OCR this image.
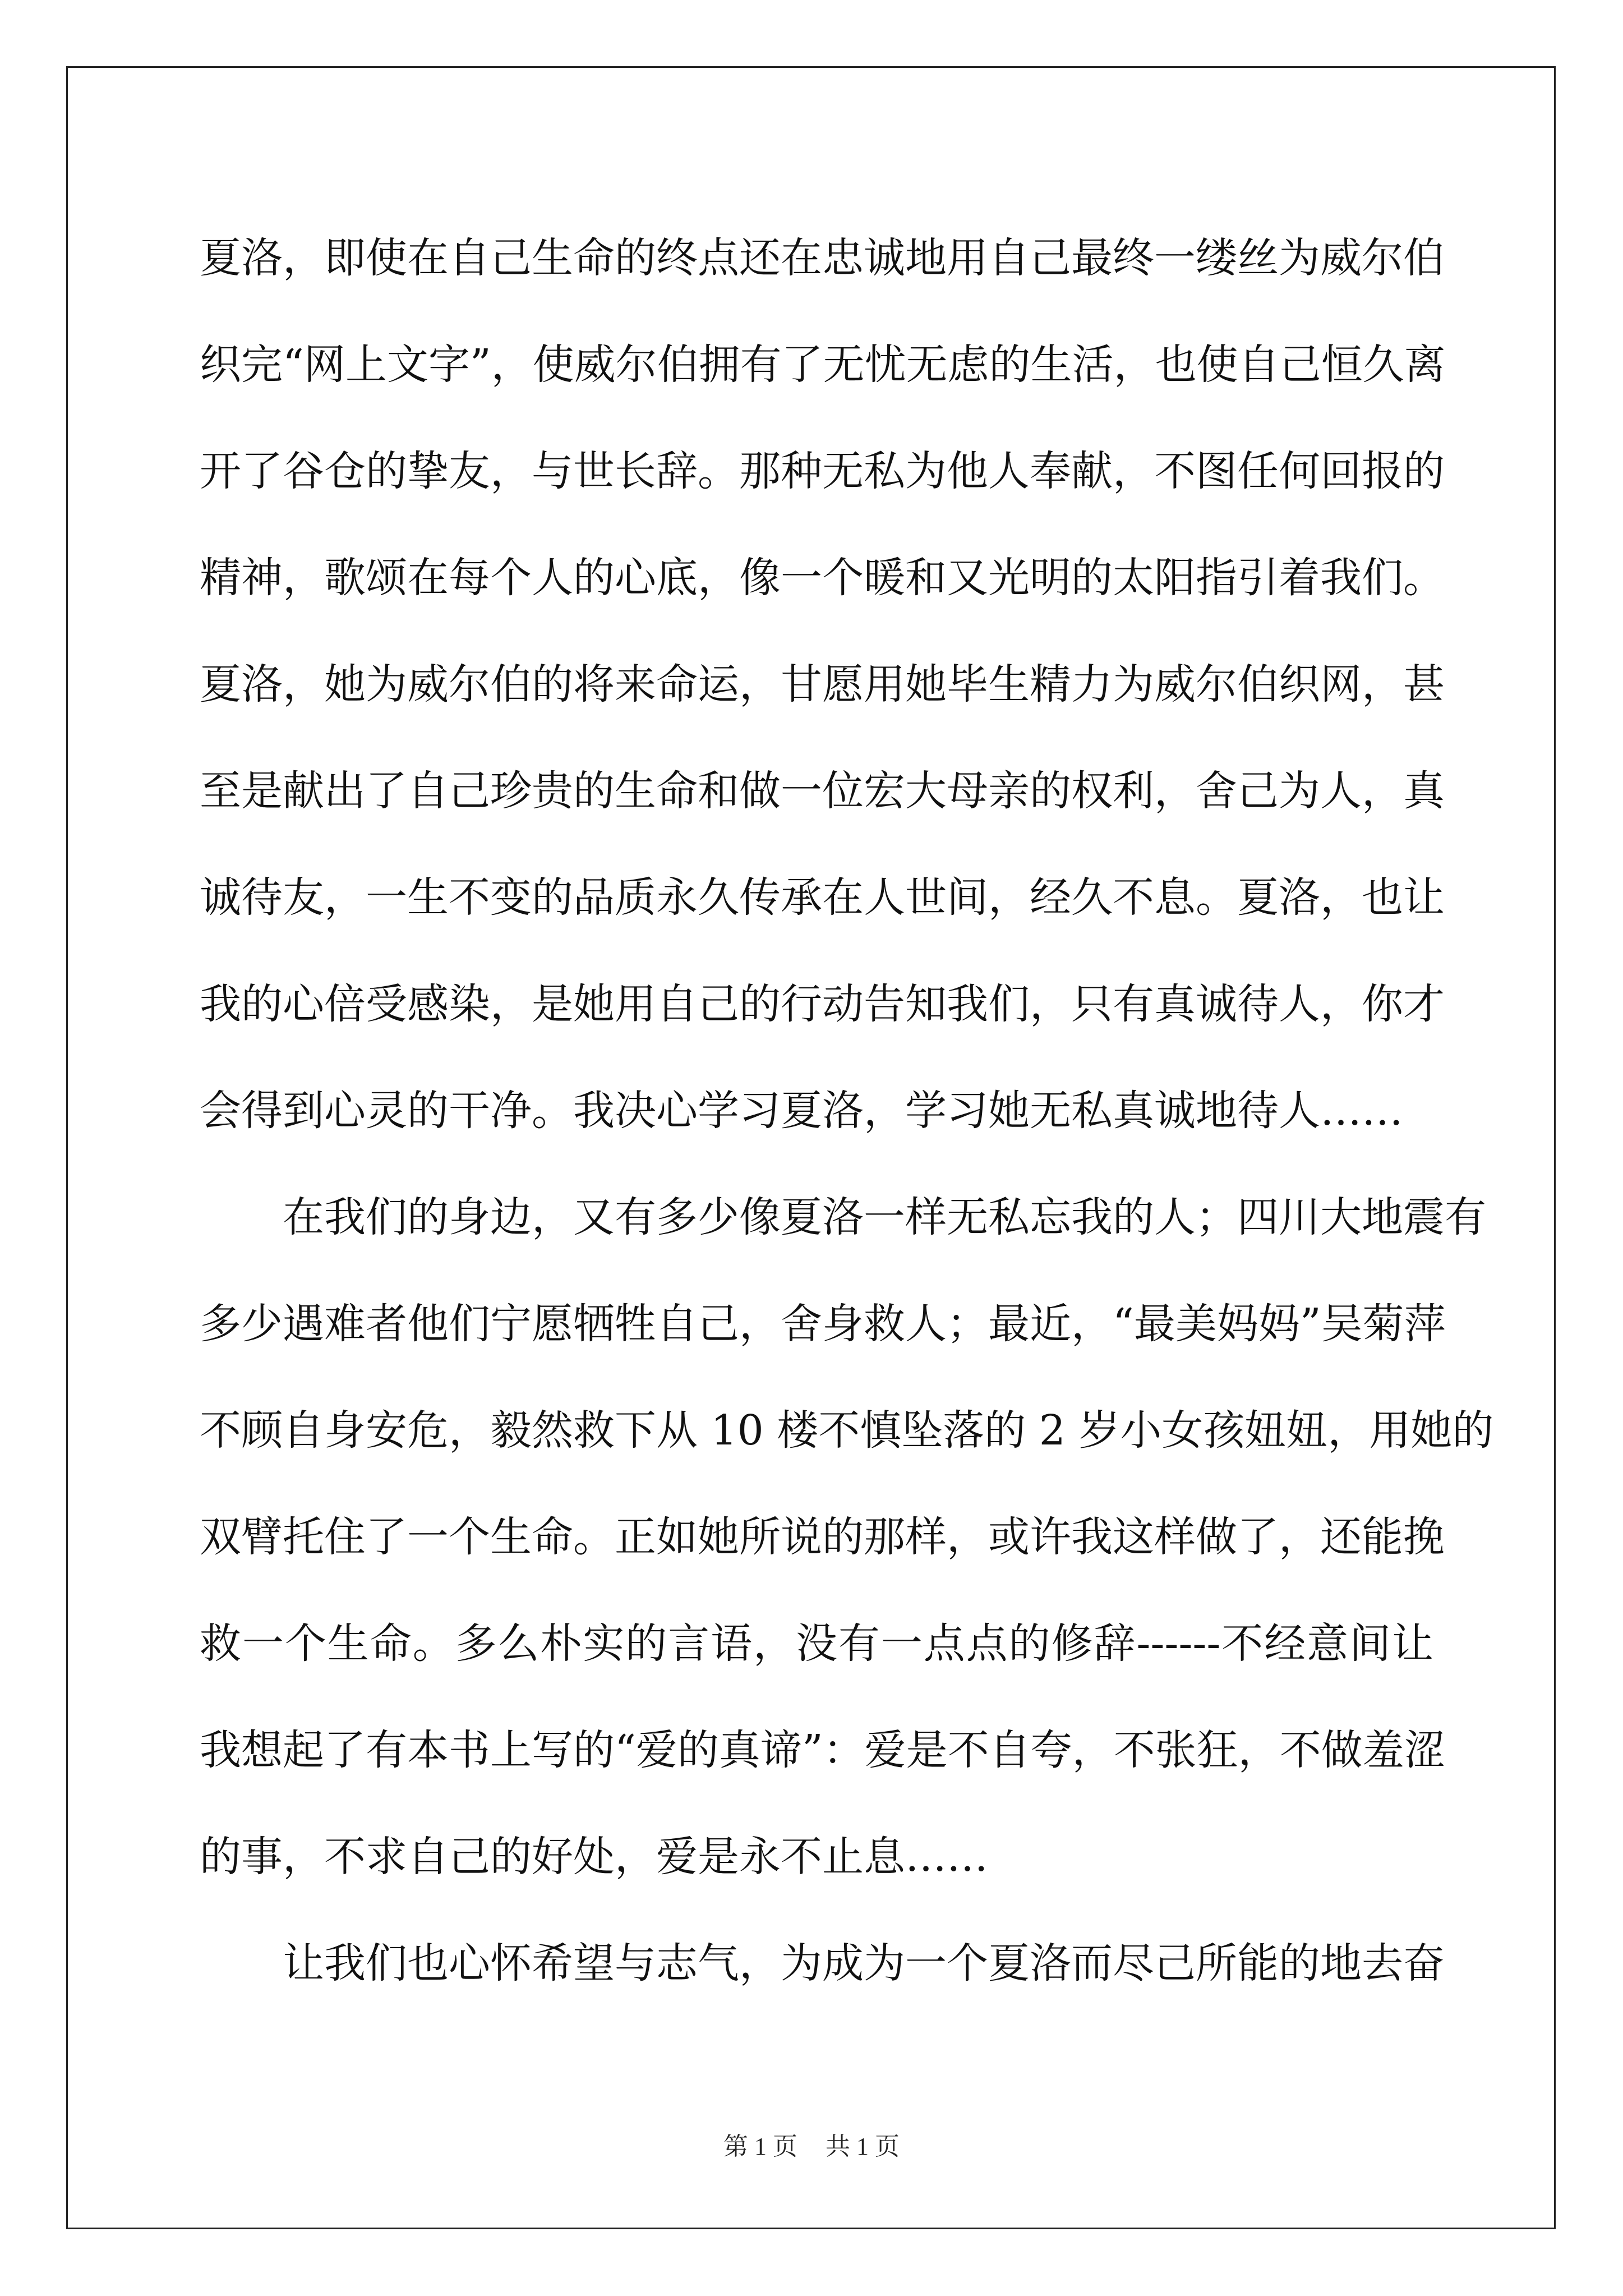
夏洛，即使在自己生命的终点还在忠诚地用自己最终一缕丝为威尔伯
织完“网上文字”，使威尔伯拥有了无忧无虑的生活，也使自己恒久离
开了谷仓的挚友，与世长辞。那种无私为他人奉献，不图任何回报的
精神，歌颂在每个人的心底，像一个暖和又光明的太阳指引着我们。
夏洛，她为威尔伯的将来命运，甘愿用她毕生精力为威尔伯织网，甚
至是献出了自己珍贵的生命和做一位宏大母亲的权利，舍己为人，真
诚待友，一生不变的品质永久传承在人世间，经久不息。夏洛，也让
我的心倍受感染，是她用自己的行动告知我们，只有真诚待人，你才
会得到心灵的干净。我决心学习夏洛，学习她无私真诚地待人……
在我们的身边，又有多少像夏洛一样无私忘我的人；四川大地震有
多少遇难者他们宁愿牺牲自己，舍身救人；最近，“最美妈妈”吴菊萍
不顾自身安危，毅然救下从 10 楼不慎坠落的 2 岁小女孩妞妞，用她的
双臂托住了一个生命。正如她所说的那样，或许我这样做了，还能挽
救一个生命。多么朴实的言语，没有一点点的修辞------不经意间让
我想起了有本书上写的“爱的真谛”：爱是不自夸，不张狂，不做羞涩
的事，不求自己的好处，爱是永不止息……
让我们也心怀希望与志气，为成为一个夏洛而尽己所能的地去奋
第 1 页 共 1 页
